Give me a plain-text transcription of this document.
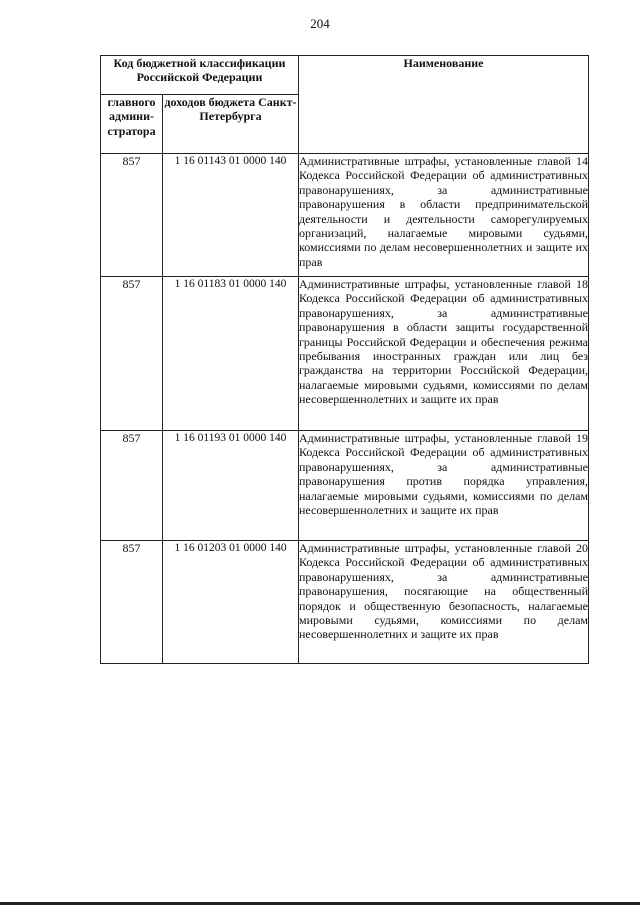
204
Код бюджетной классификации Российской Федерации		Наименование
главного админи-стратора	доходов бюджета Санкт-Петербурга	
857	1 16 01143 01 0000 140	Административные штрафы, установленные главой 14 Кодекса Российской Федерации об административных правонарушениях, за административные правонарушения в области предпринимательской деятельности и деятельности саморегулируемых организаций, налагаемые мировыми судьями, комиссиями по делам несовершеннолетних и защите их прав
857	1 16 01183 01 0000 140	Административные штрафы, установленные главой 18 Кодекса Российской Федерации об административных правонарушениях, за административные правонарушения в области защиты государственной границы Российской Федерации и обеспечения режима пребывания иностранных граждан или лиц без гражданства на территории Российской Федерации, налагаемые мировыми судьями, комиссиями по делам несовершеннолетних и защите их прав
857	1 16 01193 01 0000 140	Административные штрафы, установленные главой 19 Кодекса Российской Федерации об административных правонарушениях, за административные правонарушения против порядка управления, налагаемые мировыми судьями, комиссиями по делам несовершеннолетних и защите их прав
857	1 16 01203 01 0000 140	Административные штрафы, установленные главой 20 Кодекса Российской Федерации об административных правонарушениях, за административные правонарушения, посягающие на общественный порядок и общественную безопасность, налагаемые мировыми судьями, комиссиями по делам несовершеннолетних и защите их прав
